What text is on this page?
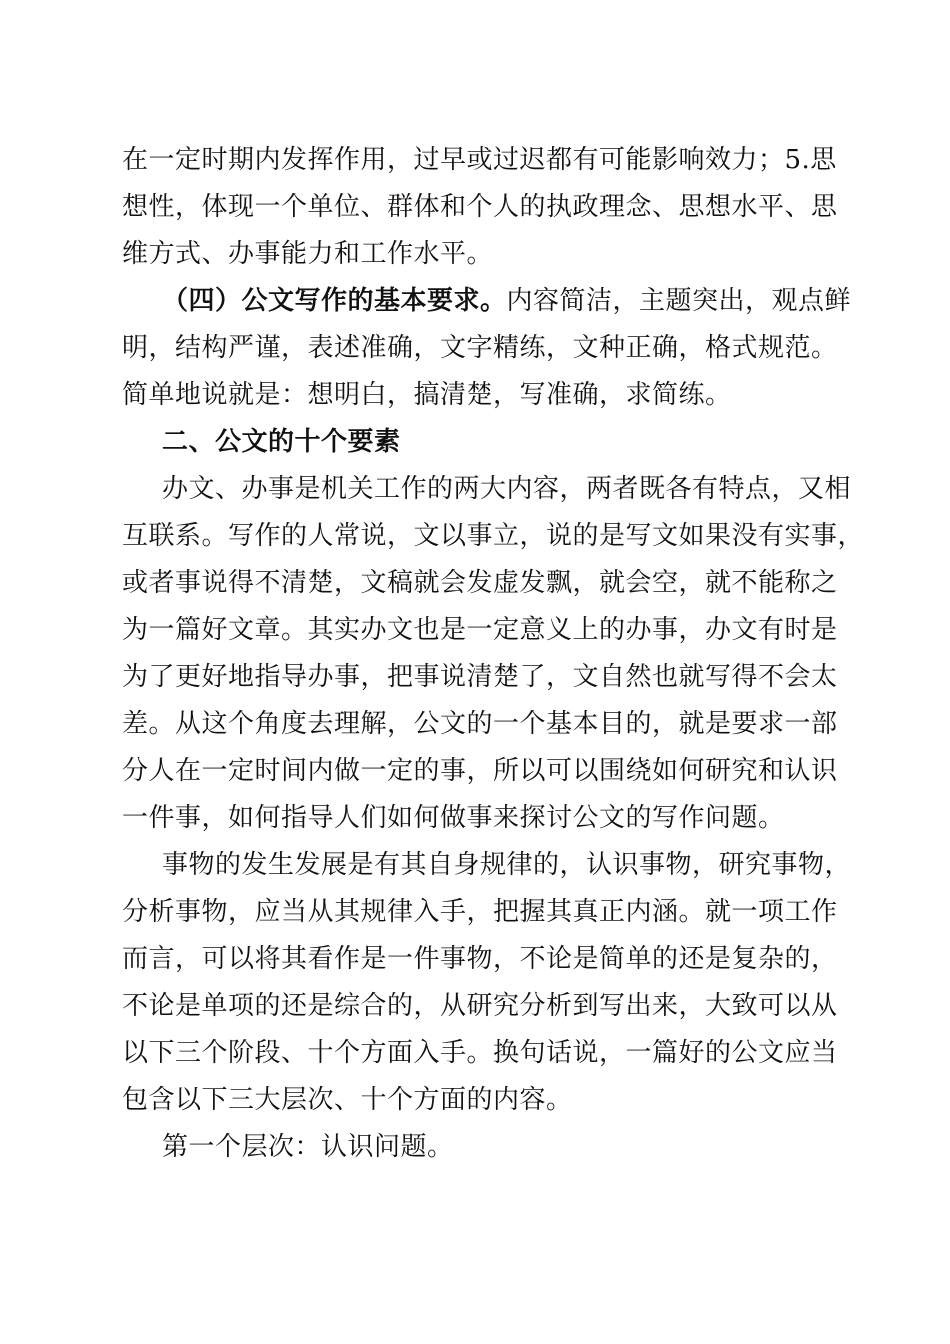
在一定时期内发挥作用，过早或过迟都有可能影响效力；5.思
想性，体现一个单位、群体和个人的执政理念、思想水平、思
维方式、办事能力和工作水平。
（四）公文写作的基本要求。内容简洁，主题突出，观点鲜
明，结构严谨，表述准确，文字精练，文种正确，格式规范。
简单地说就是：想明白，搞清楚，写准确，求简练。
二、公文的十个要素
办文、办事是机关工作的两大内容，两者既各有特点，又相
互联系。写作的人常说，文以事立，说的是写文如果没有实事，
或者事说得不清楚，文稿就会发虚发飘，就会空，就不能称之
为一篇好文章。其实办文也是一定意义上的办事，办文有时是
为了更好地指导办事，把事说清楚了，文自然也就写得不会太
差。从这个角度去理解，公文的一个基本目的，就是要求一部
分人在一定时间内做一定的事，所以可以围绕如何研究和认识
一件事，如何指导人们如何做事来探讨公文的写作问题。
事物的发生发展是有其自身规律的，认识事物，研究事物，
分析事物，应当从其规律入手，把握其真正内涵。就一项工作
而言，可以将其看作是一件事物，不论是简单的还是复杂的，
不论是单项的还是综合的，从研究分析到写出来，大致可以从
以下三个阶段、十个方面入手。换句话说，一篇好的公文应当
包含以下三大层次、十个方面的内容。
第一个层次：认识问题。
